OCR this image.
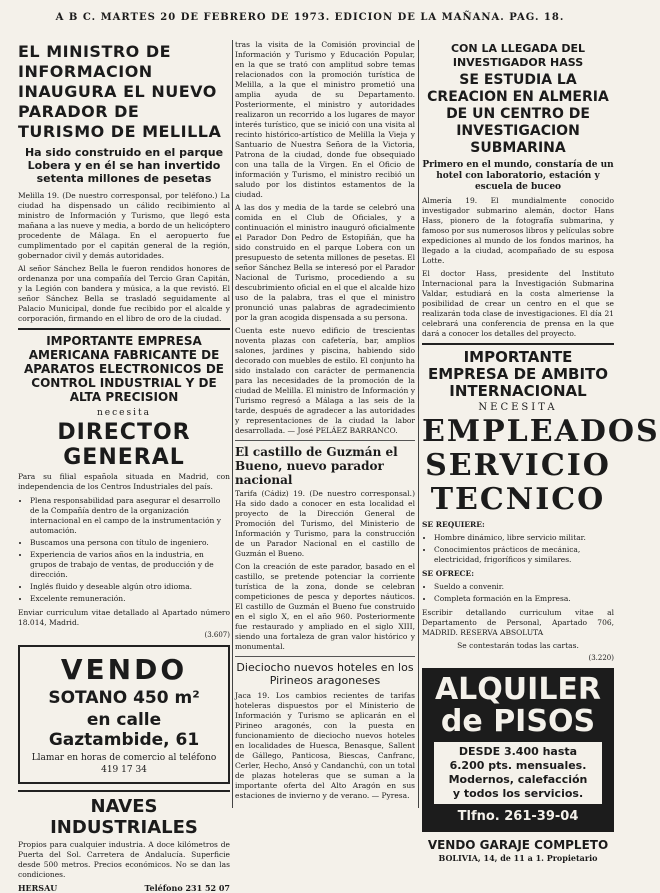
A B C. MARTES 20 DE FEBRERO DE 1973. EDICION DE LA MAÑANA. PAG. 18.
EL MINISTRO DE INFORMACION INAUGURA EL NUEVO PARADOR DE TURISMO DE MELILLA
Ha sido construido en el parque Lobera y en él se han invertido setenta millones de pesetas

Melilla 19. (De nuestro corresponsal, por teléfono.) La ciudad ha dispensado un cálido recibimiento al ministro de Información y Turismo, que llegó esta mañana a las nueve y media, a bordo de un helicóptero procedente de Málaga. En el aeropuerto fue cumplimentado por el capitán general de la región, gobernador civil y demás autoridades.

Al señor Sánchez Bella le fueron rendidos honores de ordenanza por una compañía del Tercio Gran Capitán, y la Legión con bandera y música, a la que revistó. El señor Sánchez Bella se trasladó seguidamente al Palacio Municipal, donde fue recibido por el alcalde y corporación, firmando en el libro de oro de la ciudad.

IMPORTANTE EMPRESA AMERICANA FABRICANTE DE APARATOS ELECTRONICOS DE CONTROL INDUSTRIAL Y DE ALTA PRECISION
necesita
DIRECTOR GENERAL

Para su filial española situada en Madrid, con independencia de los Centros Industriales del país.

• Plena responsabilidad para asegurar el desarrollo de la Compañía dentro de la organización internacional en el campo de la instrumentación y automación.
• Buscamos una persona con título de ingeniero.
• Experiencia de varios años en la industria, en grupos de trabajo de ventas, de producción y de dirección.
• Inglés fluido y deseable algún otro idioma.
• Excelente remuneración.

Enviar curriculum vitae detallado al Apartado número 18.014, Madrid.

(3.607)
VENDO
SOTANO 450 m²
en calle Gaztambide, 61
Llamar en horas de comercio al teléfono 419 17 34
NAVES INDUSTRIALES

Propios para cualquier industria. A doce kilómetros de Puerta del Sol. Carretera de Andalucía. Superficie desde 500 metros. Precios económicos. No se dan las condiciones.

HERSAU	Teléfono 231 52 07

tras la visita de la Comisión provincial de Información y Turismo y Educación Popular, en la que se trató con amplitud sobre temas relacionados con la promoción turística de Melilla, a la que el ministro prometió una amplia ayuda de su Departamento. Posteriormente, el ministro y autoridades realizaron un recorrido a los lugares de mayor interés turístico, que se inició con una visita al recinto histórico-artístico de Melilla la Vieja y Santuario de Nuestra Señora de la Victoria, Patrona de la ciudad, donde fue obsequiado con una talla de la Virgen. En el Oficio de información y Turismo, el ministro recibió un saludo por los distintos estamentos de la ciudad.

A las dos y media de la tarde se celebró una comida en el Club de Oficiales, y a continuación el ministro inauguró oficialmente el Parador Don Pedro de Estopiñán, que ha sido construido en el parque Lobera con un presupuesto de setenta millones de pesetas. El señor Sánchez Bella se interesó por el Parador Nacional de Turismo, procediendo a su descubrimiento oficial en el que el alcalde hizo uso de la palabra, tras el que el ministro pronunció unas palabras de agradecimiento por la gran acogida dispensada a su persona.

Cuenta este nuevo edificio de trescientas noventa plazas con cafetería, bar, amplios salones, jardines y piscina, habiendo sido decorado con muebles de estilo. El conjunto ha sido instalado con carácter de permanencia para las necesidades de la promoción de la ciudad de Melilla. El ministro de Información y Turismo regresó a Málaga a las seis de la tarde, después de agradecer a las autoridades y representaciones de la ciudad la labor desarrollada. — José PELÁEZ BARRANCO.

El castillo de Guzmán el Bueno, nuevo parador nacional

Tarifa (Cádiz) 19. (De nuestro corresponsal.) Ha sido dado a conocer en esta localidad el proyecto de la Dirección General de Promoción del Turismo, del Ministerio de Información y Turismo, para la construcción de un Parador Nacional en el castillo de Guzmán el Bueno.

Con la creación de este parador, basado en el castillo, se pretende potenciar la corriente turística de la zona, donde se celebran competiciones de pesca y deportes náuticos. El castillo de Guzmán el Bueno fue construido en el siglo X, en el año 960. Posteriormente fue restaurado y ampliado en el siglo XIII, siendo una fortaleza de gran valor histórico y monumental.

Dieciocho nuevos hoteles en los Pirineos aragoneses

Jaca 19. Los cambios recientes de tarifas hoteleras dispuestos por el Ministerio de Información y Turismo se aplicarán en el Pirineo aragonés, con la puesta en funcionamiento de dieciocho nuevos hoteles en localidades de Huesca, Benasque, Sallent de Gállego, Panticosa, Biescas, Canfranc, Cerler, Hecho, Ansó y Candanchú, con un total de plazas hoteleras que se suman a la importante oferta del Alto Aragón en sus estaciones de invierno y de verano. — Pyresa.

CON LA LLEGADA DEL INVESTIGADOR HASS
SE ESTUDIA LA CREACION EN ALMERIA DE UN CENTRO DE INVESTIGACION SUBMARINA
Primero en el mundo, constaría de un hotel con laboratorio, estación y escuela de buceo

Almería 19. El mundialmente conocido investigador submarino alemán, doctor Hans Hass, pionero de la fotografía submarina, y famoso por sus numerosos libros y películas sobre expediciones al mundo de los fondos marinos, ha llegado a la ciudad, acompañado de su esposa Lotte.

El doctor Hass, presidente del Instituto Internacional para la Investigación Submarina Valdar, estudiará en la costa almeriense la posibilidad de crear un centro en el que se realizarán toda clase de investigaciones. El día 21 celebrará una conferencia de prensa en la que dará a conocer los detalles del proyecto.

IMPORTANTE EMPRESA DE AMBITO INTERNACIONAL
NECESITA
EMPLEADOS
SERVICIO
TECNICO
SE REQUIERE:
• Hombre dinámico, libre servicio militar.
• Conocimientos prácticos de mecánica, electricidad, frigoríficos y similares.
SE OFRECE:
• Sueldo a convenir.
• Completa formación en la Empresa.

Escribir detallando curriculum vitae al Departamento de Personal, Apartado 706, MADRID. RESERVA ABSOLUTA

Se contestarán todas las cartas.

(3.220)
ALQUILER
de PISOS
DESDE 3.400 hasta
6.200 pts. mensuales.
Modernos, calefacción
y todos los servicios.
Tlfno. 261-39-04
VENDO GARAJE COMPLETO
BOLIVIA, 14, de 11 a 1. Propietario
